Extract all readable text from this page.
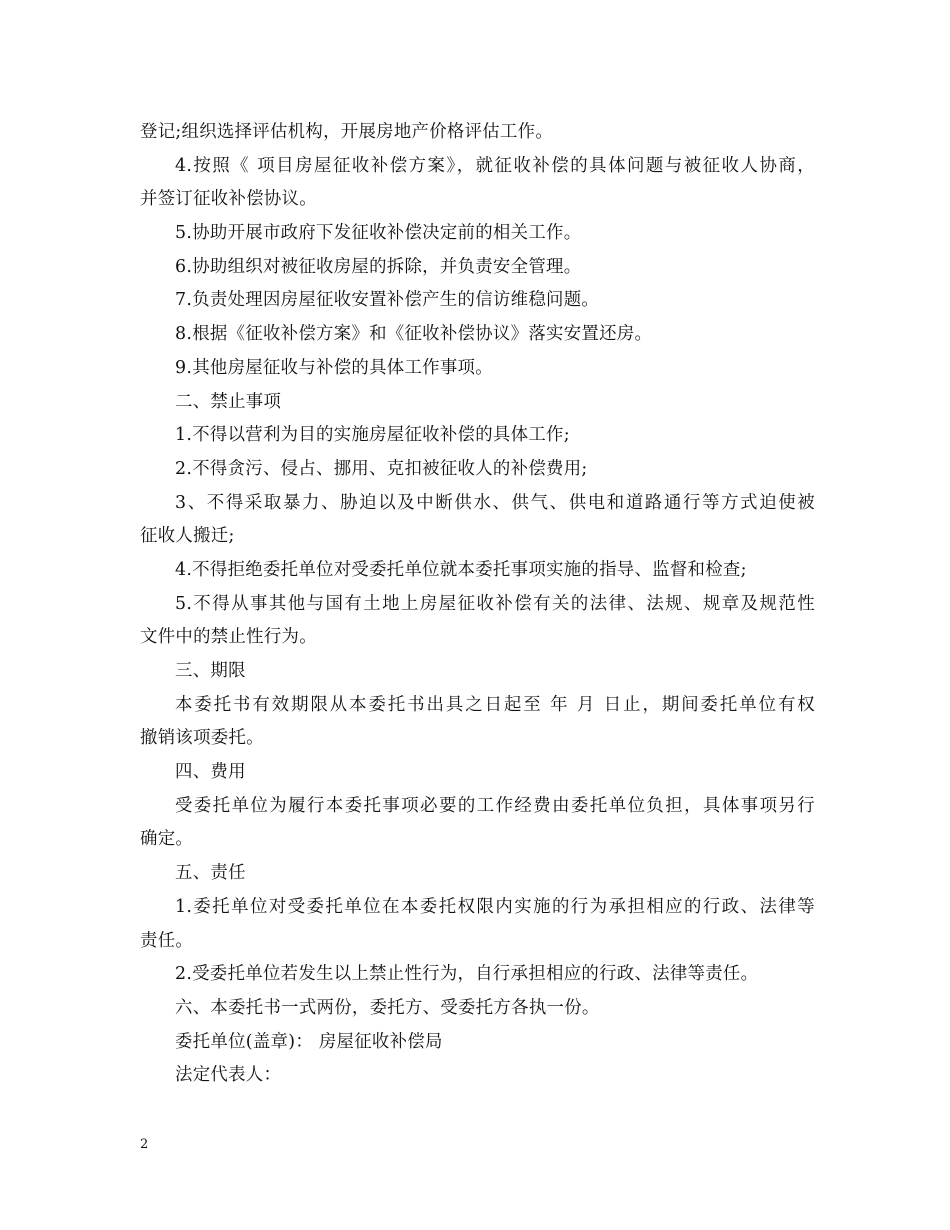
登记;组织选择评估机构，开展房地产价格评估工作。
4.按照《 项目房屋征收补偿方案》，就征收补偿的具体问题与被征收人协商，
并签订征收补偿协议。
5.协助开展市政府下发征收补偿决定前的相关工作。
6.协助组织对被征收房屋的拆除，并负责安全管理。
7.负责处理因房屋征收安置补偿产生的信访维稳问题。
8.根据《征收补偿方案》和《征收补偿协议》落实安置还房。
9.其他房屋征收与补偿的具体工作事项。
二、禁止事项
1.不得以营利为目的实施房屋征收补偿的具体工作;
2.不得贪污、侵占、挪用、克扣被征收人的补偿费用;
3、不得采取暴力、胁迫以及中断供水、供气、供电和道路通行等方式迫使被
征收人搬迁;
4.不得拒绝委托单位对受委托单位就本委托事项实施的指导、监督和检查;
5.不得从事其他与国有土地上房屋征收补偿有关的法律、法规、规章及规范性
文件中的禁止性行为。
三、期限
本委托书有效期限从本委托书出具之日起至 年 月 日止，期间委托单位有权
撤销该项委托。
四、费用
受委托单位为履行本委托事项必要的工作经费由委托单位负担，具体事项另行
确定。
五、责任
1.委托单位对受委托单位在本委托权限内实施的行为承担相应的行政、法律等
责任。
2.受委托单位若发生以上禁止性行为，自行承担相应的行政、法律等责任。
六、本委托书一式两份，委托方、受委托方各执一份。
委托单位(盖章)： 房屋征收补偿局
法定代表人：
2
